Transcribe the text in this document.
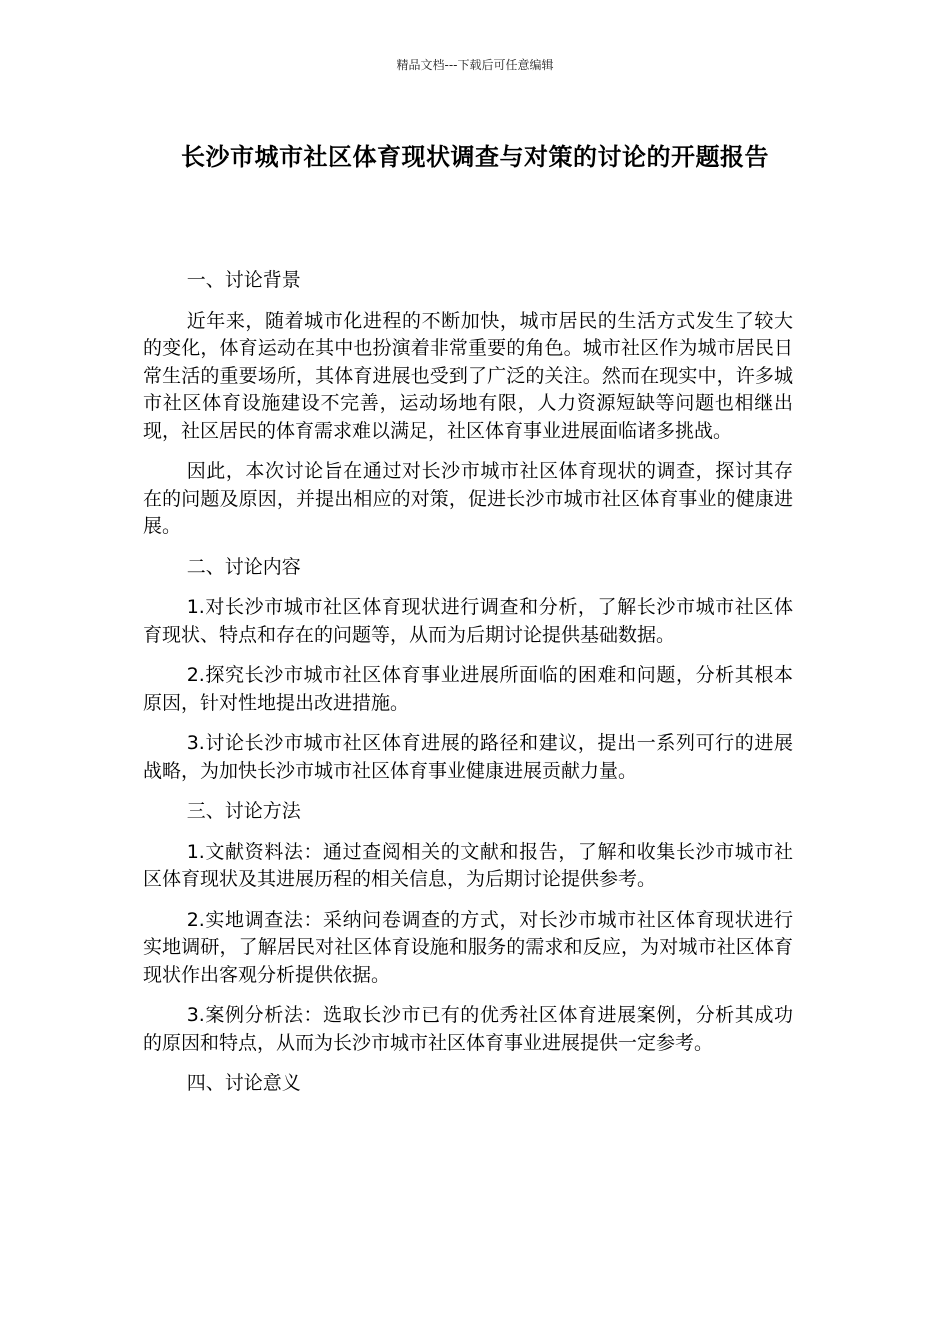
精品文档---下载后可任意编辑
长沙市城市社区体育现状调查与对策的讨论的开题报告

一、讨论背景

近年来，随着城市化进程的不断加快，城市居民的生活方式发生了较大的变化，体育运动在其中也扮演着非常重要的角色。城市社区作为城市居民日常生活的重要场所，其体育进展也受到了广泛的关注。然而在现实中，许多城市社区体育设施建设不完善，运动场地有限，人力资源短缺等问题也相继出现，社区居民的体育需求难以满足，社区体育事业进展面临诸多挑战。

因此，本次讨论旨在通过对长沙市城市社区体育现状的调查，探讨其存在的问题及原因，并提出相应的对策，促进长沙市城市社区体育事业的健康进展。

二、讨论内容

1.对长沙市城市社区体育现状进行调查和分析，了解长沙市城市社区体育现状、特点和存在的问题等，从而为后期讨论提供基础数据。

2.探究长沙市城市社区体育事业进展所面临的困难和问题，分析其根本原因，针对性地提出改进措施。

3.讨论长沙市城市社区体育进展的路径和建议，提出一系列可行的进展战略，为加快长沙市城市社区体育事业健康进展贡献力量。

三、讨论方法

1.文献资料法：通过查阅相关的文献和报告，了解和收集长沙市城市社区体育现状及其进展历程的相关信息，为后期讨论提供参考。

2.实地调查法：采纳问卷调查的方式，对长沙市城市社区体育现状进行实地调研，了解居民对社区体育设施和服务的需求和反应，为对城市社区体育现状作出客观分析提供依据。

3.案例分析法：选取长沙市已有的优秀社区体育进展案例，分析其成功的原因和特点，从而为长沙市城市社区体育事业进展提供一定参考。

四、讨论意义
